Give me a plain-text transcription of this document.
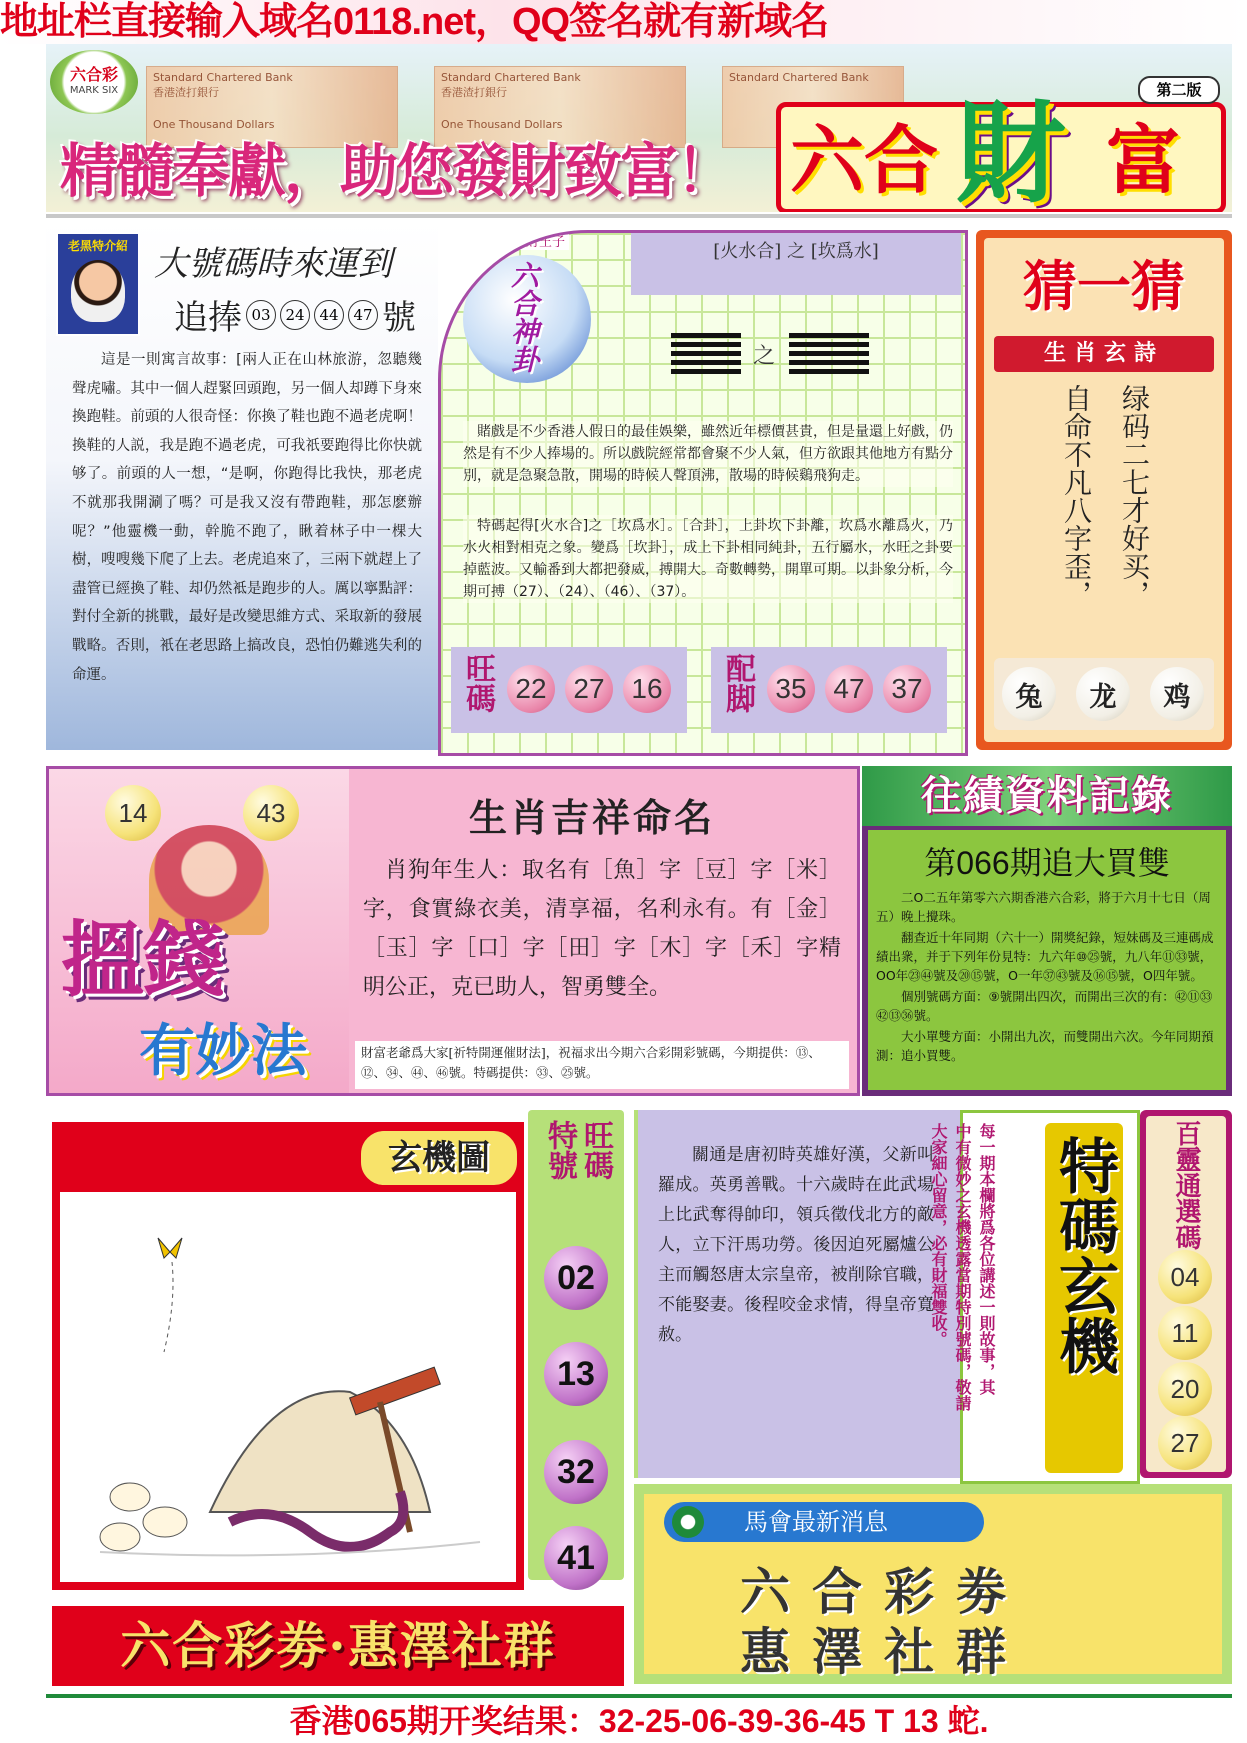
地址栏直接输入域名0118.net，QQ签名就有新域名
六合彩
MARK SIX
Standard Chartered Bank
香港渣打銀行
One Thousand Dollars
Standard Chartered Bank
香港渣打銀行
One Thousand Dollars
Standard Chartered Bank
精髓奉獻，助您發財致富！ 六合 財 富
第二版
老黑特介紹 大號碼時來運到
追捧 03 24 44 47 號
這是一則寓言故事：[兩人正在山林旅游，忽聽幾聲虎嘯。其中一個人趕緊回頭跑，另一個人却蹲下身來換跑鞋。前頭的人很奇怪：你換了鞋也跑不過老虎啊！換鞋的人説，我是跑不過老虎，可我祇要跑得比你快就够了。前頭的人一想，“是啊，你跑得比我快，那老虎不就那我開涮了嗎？可是我又沒有帶跑鞋，那怎麽辦呢？”他靈機一動，幹脆不跑了，瞅着林子中一棵大樹，嗖嗖幾下爬了上去。老虎追來了，三兩下就趕上了盡管已經換了鞋、却仍然袛是跑步的人。厲以寧點評：對付全新的挑戰，最好是改變思維方式、采取新的發展戰略。否則，衹在老思路上搞改良，恐怕仍難逃失利的命運。
運財王子
六合神卦
[火水合] 之 [坎爲水]
之
賭戲是不少香港人假日的最佳娛樂，雖然近年標價甚貴，但是量還上好戲，仍然是有不少人捧場的。所以戲院經常都會聚不少人氣，但方欲跟其他地方有點分別，就是急聚急散，開場的時候人聲頂沸，散場的時候鷄飛狗走。
特碼起得[火水合]之［坎爲水］。［合卦］，上卦坎下卦離，坎爲水離爲火，乃水火相對相克之象。變爲［坎卦］，成上下卦相同純卦，五行屬水，水旺之卦要掉藍波。又輸番到大都把發威，搏開大。奇數轉勢，開單可期。以卦象分析，今期可搏（27）、（24）、（46）、（37）。
旺碼 22 27 16 配脚 35 47 37
猜一猜
生肖玄詩
自命不凡八字歪， 绿码二七才好买，
兔	龙	鸡
14	43
搵錢
有妙法
生肖吉祥命名
肖狗年生人：取名有［魚］字［豆］字［米］字，食實綠衣美，清享福，名利永有。有［金］［玉］字［口］字［田］字［木］字［禾］字精明公正，克已助人，智勇雙全。
財富老爺爲大家[祈特開運催財法]，祝福求出今期六合彩開彩號碼，今期提供：⑬、⑫、㉞、㊹、㊻號。特碼提供：㉝、㉕號。
往績資料記錄
第066期追大買雙
二O二五年第零六六期香港六合彩，將于六月十七日（周五）晚上攪珠。
翻查近十年同期（六十一）開獎紀錄，短妹碼及三連碼成績出衆，并于下列年份見特：九六年⑩㉕號，九八年⑪㉝號，OO年㉓㊹號及⑳⑮號，O一年㊲㊸號及⑯⑮號，O四年號。
個別號碼方面：⑨號開出四次，而開出三次的有：㊷⑪㉝㊷⑬㊱號。
大小單雙方面：小開出九次，而雙開出六次。今年同期預測：追小買雙。
玄機圖	旺碼
特號
02
13
32
41
關通是唐初時英雄好漢，父新叫羅成。英勇善戰。十六歲時在此武場上比武奪得帥印，領兵徵伐北方的敵人，立下汗馬功勞。後因迫死屬爐公主而觸怒唐太宗皇帝，被削除官職，不能娶妻。後程咬金求情，得皇帝寬赦。	每一期本欄將爲各位講述一則故事，其
中有微妙之玄機透露當期特別號碼，敬請
大家細心留意，必有財福雙收。 特碼玄機 百靈通選碼
04
11
20
27
馬會最新消息
六合彩劵
惠澤社群
六合彩劵·惠澤社群
香港065期开奖结果：32-25-06-39-36-45 T 13 蛇.
